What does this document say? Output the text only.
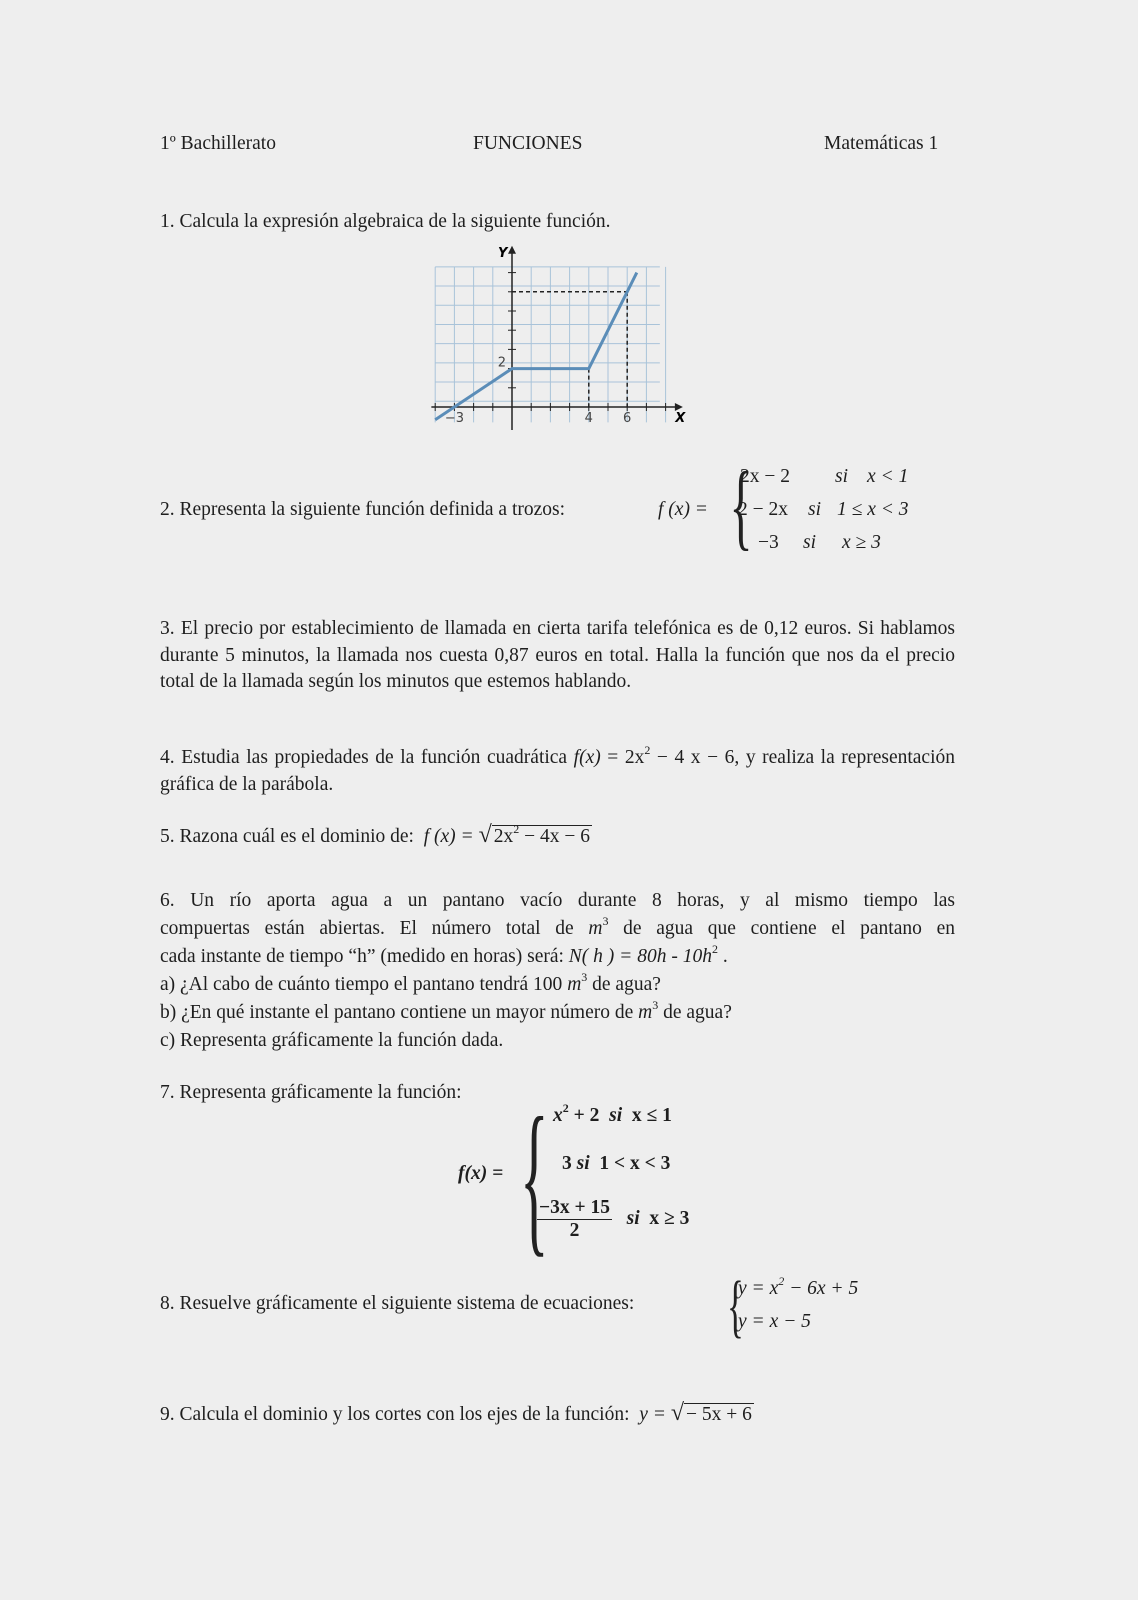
1º Bachillerato	FUNCIONES	Matemáticas 1
1. Calcula la expresión algebraica de la siguiente función.
−3	4 6
2
X
Y
2. Representa la siguiente función definida a trozos:	f (x) = {
2x − 2 si x < 1
2 − 2x si 1 ≤ x < 3
−3 si x ≥ 3
3. El precio por establecimiento de llamada en cierta tarifa telefónica es de 0,12 euros. Si hablamos durante 5 minutos, la llamada nos cuesta 0,87 euros en total. Halla la función que nos da el precio total de la llamada según los minutos que estemos hablando.
4. Estudia las propiedades de la función cuadrática $f(x) = 2x^2 - 4$ x − 6, y realiza la representación gráfica de la parábola.
5. Razona cuál es el dominio de: f (x) = √ $2x^2 - 4x - 6$
6. Un río aporta agua a un pantano vacío durante 8 horas, y al mismo tiempo las
compuertas están abiertas. El número total de $m^3$ de agua que contiene el pantano en
cada instante de tiempo “h” (medido en horas) será: N( h ) = $80h - 10h^2$ .
a) ¿Al cabo de cuánto tiempo el pantano tendrá 100 $m^3$ de agua?
b) ¿En qué instante el pantano contiene un mayor número de $m^3$ de agua?
c) Representa gráficamente la función dada.
7. Representa gráficamente la función:
f(x) = { $x^2 + 2$ si x ≤ 1
3 si 1 < x < 3
$\frac{-3x + 15}{2}$ si x ≥ 3
8. Resuelve gráficamente el siguiente sistema de ecuaciones: {
$y = x^2 - 6x + 5$
y = x − 5
9. Calcula el dominio y los cortes con los ejes de la función: y = √ − 5x + 6
